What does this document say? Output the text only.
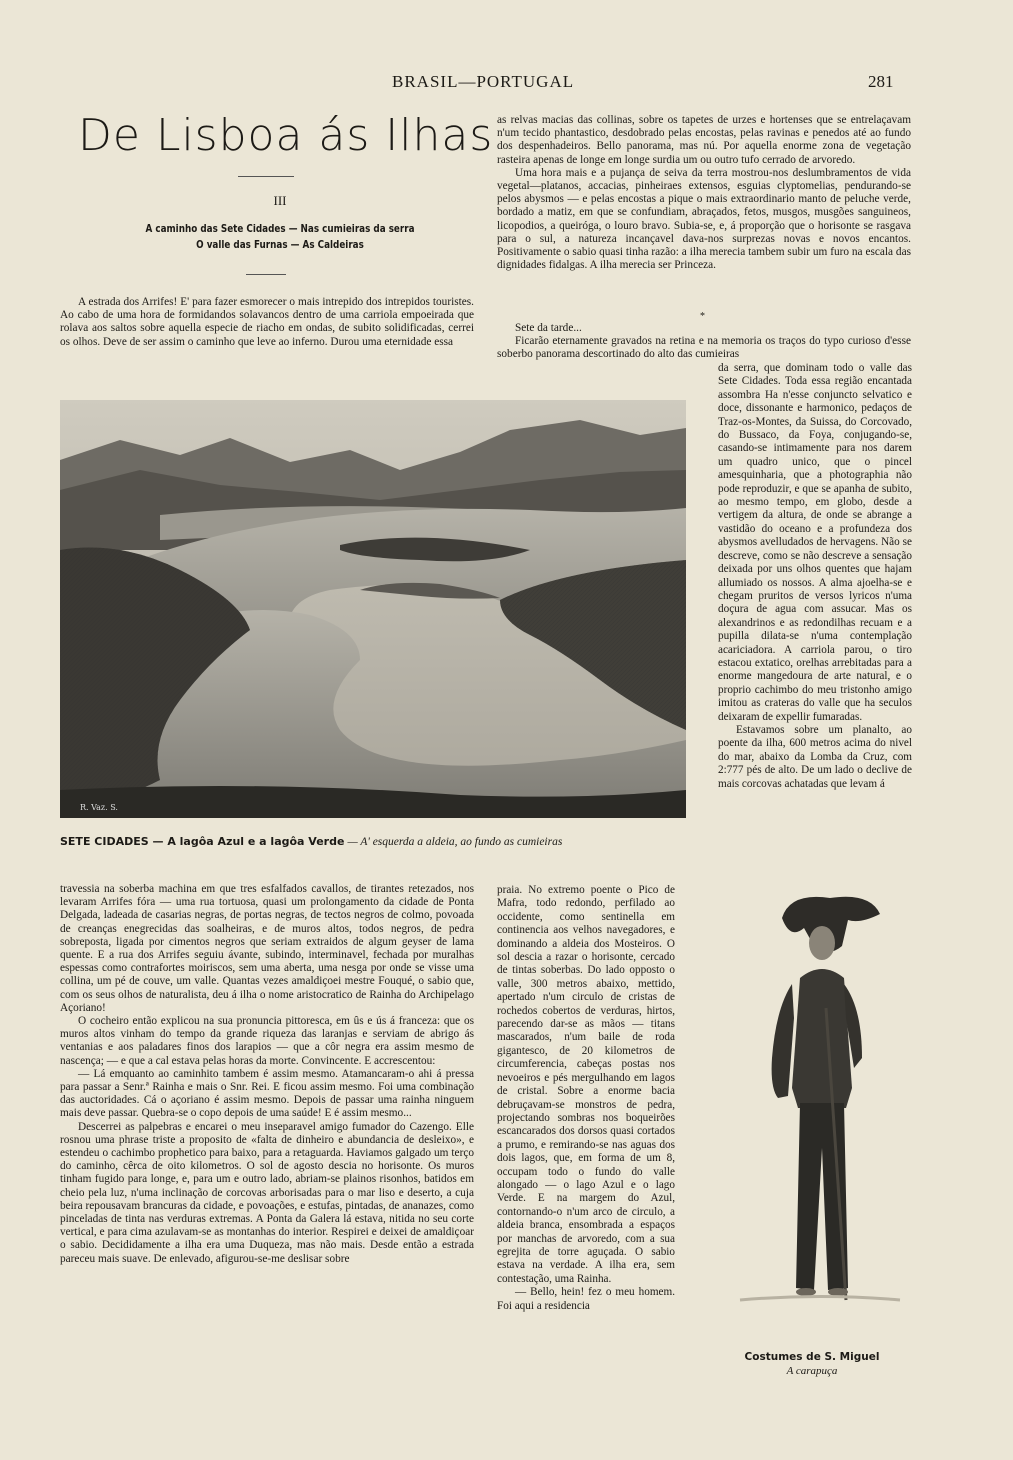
BRASIL—PORTUGAL	281
De Lisboa ás Ilhas
III
A caminho das Sete Cidades — Nas cumieiras da serra
O valle das Furnas — As Caldeiras

A estrada dos Arrifes! E' para fazer esmorecer o mais intrepido dos intrepidos touristes. Ao cabo de uma hora de formidandos solavancos dentro de uma carriola empoeirada que rolava aos saltos sobre aquella especie de riacho em ondas, de subito solidificadas, cerrei os olhos. Deve de ser assim o caminho que leve ao inferno. Durou uma eternidade essa

as relvas macias das collinas, sobre os tapetes de urzes e hortenses que se entrelaçavam n'um tecido phantastico, desdobrado pelas encostas, pelas ravinas e penedos até ao fundo dos despenhadeiros. Bello panorama, mas nú. Por aquella enorme zona de vegetação rasteira apenas de longe em longe surdia um ou outro tufo cerrado de arvoredo.

Uma hora mais e a pujança de seiva da terra mostrou-nos deslumbramentos de vida vegetal—platanos, accacias, pinheiraes extensos, esguias clyptomelias, pendurando-se pelos abysmos — e pelas encostas a pique o mais extraordinario manto de peluche verde, bordado a matiz, em que se confundiam, abraçados, fetos, musgos, musgões sanguineos, licopodios, a queiróga, o louro bravo. Subia-se, e, á proporção que o horisonte se rasgava para o sul, a natureza incançavel dava-nos surprezas novas e novos encantos. Positivamente o sabio quasi tinha razão: a ilha merecia tambem subir um furo na escala das dignidades fidalgas. A ilha merecia ser Princeza.

*

Sete da tarde...

Ficarão eternamente gravados na retina e na memoria os traços do typo curioso d'esse soberbo panorama descortinado do alto das cumieiras

da serra, que dominam todo o valle das Sete Cidades. Toda essa região encantada assombra Ha n'esse conjuncto selvatico e doce, dissonante e harmonico, pedaços de Traz-os-Montes, da Suissa, do Corcovado, do Bussaco, da Foya, conjugando-se, casando-se intimamente para nos darem um quadro unico, que o pincel amesquinharia, que a photographia não pode reproduzir, e que se apanha de subito, ao mesmo tempo, em globo, desde a vertigem da altura, de onde se abrange a vastidão do oceano e a profundeza dos abysmos avelludados de hervagens. Não se descreve, como se não descreve a sensação deixada por uns olhos quentes que hajam allumiado os nossos. A alma ajoelha-se e chegam pruritos de versos lyricos n'uma doçura de agua com assucar. Mas os alexandrinos e as redondilhas recuam e a pupilla dilata-se n'uma contemplação acariciadora. A carriola parou, o tiro estacou extatico, orelhas arrebitadas para a enorme mangedoura de arte natural, e o proprio cachimbo do meu tristonho amigo imitou as crateras do valle que ha seculos deixaram de expellir fumaradas.

Estavamos sobre um planalto, ao poente da ilha, 600 metros acima do nivel do mar, abaixo da Lomba da Cruz, com 2:777 pés de alto. De um lado o declive de mais corcovas achatadas que levam á

R. Vaz. S.
SETE CIDADES — A lagôa Azul e a lagôa Verde — A' esquerda a aldeia, ao fundo as cumieiras

travessia na soberba machina em que tres esfalfados cavallos, de tirantes retezados, nos levaram Arrifes fóra — uma rua tortuosa, quasi um prolongamento da cidade de Ponta Delgada, ladeada de casarias negras, de portas negras, de tectos negros de colmo, povoada de creanças enegrecidas das soalheiras, e de muros altos, todos negros, de pedra sobreposta, ligada por cimentos negros que seriam extraidos de algum geyser de lama quente. E a rua dos Arrifes seguiu ávante, subindo, interminavel, fechada por muralhas espessas como contrafortes moiriscos, sem uma aberta, uma nesga por onde se visse uma collina, um pé de couve, um valle. Quantas vezes amaldiçoei mestre Fouqué, o sabio que, com os seus olhos de naturalista, deu á ilha o nome aristocratico de Rainha do Archipelago Açoriano!

O cocheiro então explicou na sua pronuncia pittoresca, em ûs e ús á franceza: que os muros altos vinham do tempo da grande riqueza das laranjas e serviam de abrigo ás ventanias e aos paladares finos dos larapios — que a côr negra era assim mesmo de nascença; — e que a cal estava pelas horas da morte. Convincente. E accrescentou:

— Lá emquanto ao caminhito tambem é assim mesmo. Atamancaram-o ahi á pressa para passar a Senr.ª Rainha e mais o Snr. Rei. E ficou assim mesmo. Foi uma combinação das auctoridades. Cá o açoriano é assim mesmo. Depois de passar uma rainha ninguem mais deve passar. Quebra-se o copo depois de uma saúde! E é assim mesmo...

Descerrei as palpebras e encarei o meu inseparavel amigo fumador do Cazengo. Elle rosnou uma phrase triste a proposito de «falta de dinheiro e abundancia de desleixo», e estendeu o cachimbo prophetico para baixo, para a retaguarda. Haviamos galgado um terço do caminho, cêrca de oito kilometros. O sol de agosto descia no horisonte. Os muros tinham fugido para longe, e, para um e outro lado, abriam-se plainos risonhos, batidos em cheio pela luz, n'uma inclinação de corcovas arborisadas para o mar liso e deserto, a cuja beira repousavam brancuras da cidade, e povoações, e estufas, pintadas, de ananazes, como pinceladas de tinta nas verduras extremas. A Ponta da Galera lá estava, nitida no seu corte vertical, e para cima azulavam-se as montanhas do interior. Respirei e deixei de amaldiçoar o sabio. Decididamente a ilha era uma Duqueza, mas não mais. Desde então a estrada pareceu mais suave. De enlevado, afigurou-se-me deslisar sobre

praia. No extremo poente o Pico de Mafra, todo redondo, perfilado ao occidente, como sentinella em continencia aos velhos navegadores, e dominando a aldeia dos Mosteiros. O sol descia a razar o horisonte, cercado de tintas soberbas. Do lado opposto o valle, 300 metros abaixo, mettido, apertado n'um circulo de cristas de rochedos cobertos de verduras, hirtos, parecendo dar-se as mãos — titans mascarados, n'um baile de roda gigantesco, de 20 kilometros de circumferencia, cabeças postas nos nevoeiros e pés mergulhando em lagos de cristal. Sobre a enorme bacia debruçavam-se monstros de pedra, projectando sombras nos boqueirões escancarados dos dorsos quasi cortados a prumo, e remirando-se nas aguas dos dois lagos, que, em forma de um 8, occupam todo o fundo do valle alongado — o lago Azul e o lago Verde. E na margem do Azul, contornando-o n'um arco de circulo, a aldeia branca, ensombrada a espaços por manchas de arvoredo, com a sua egrejita de torre aguçada. O sabio estava na verdade. A ilha era, sem contestação, uma Rainha.

— Bello, hein! fez o meu homem. Foi aqui a residencia

Costumes de S. Miguel
A carapuça
